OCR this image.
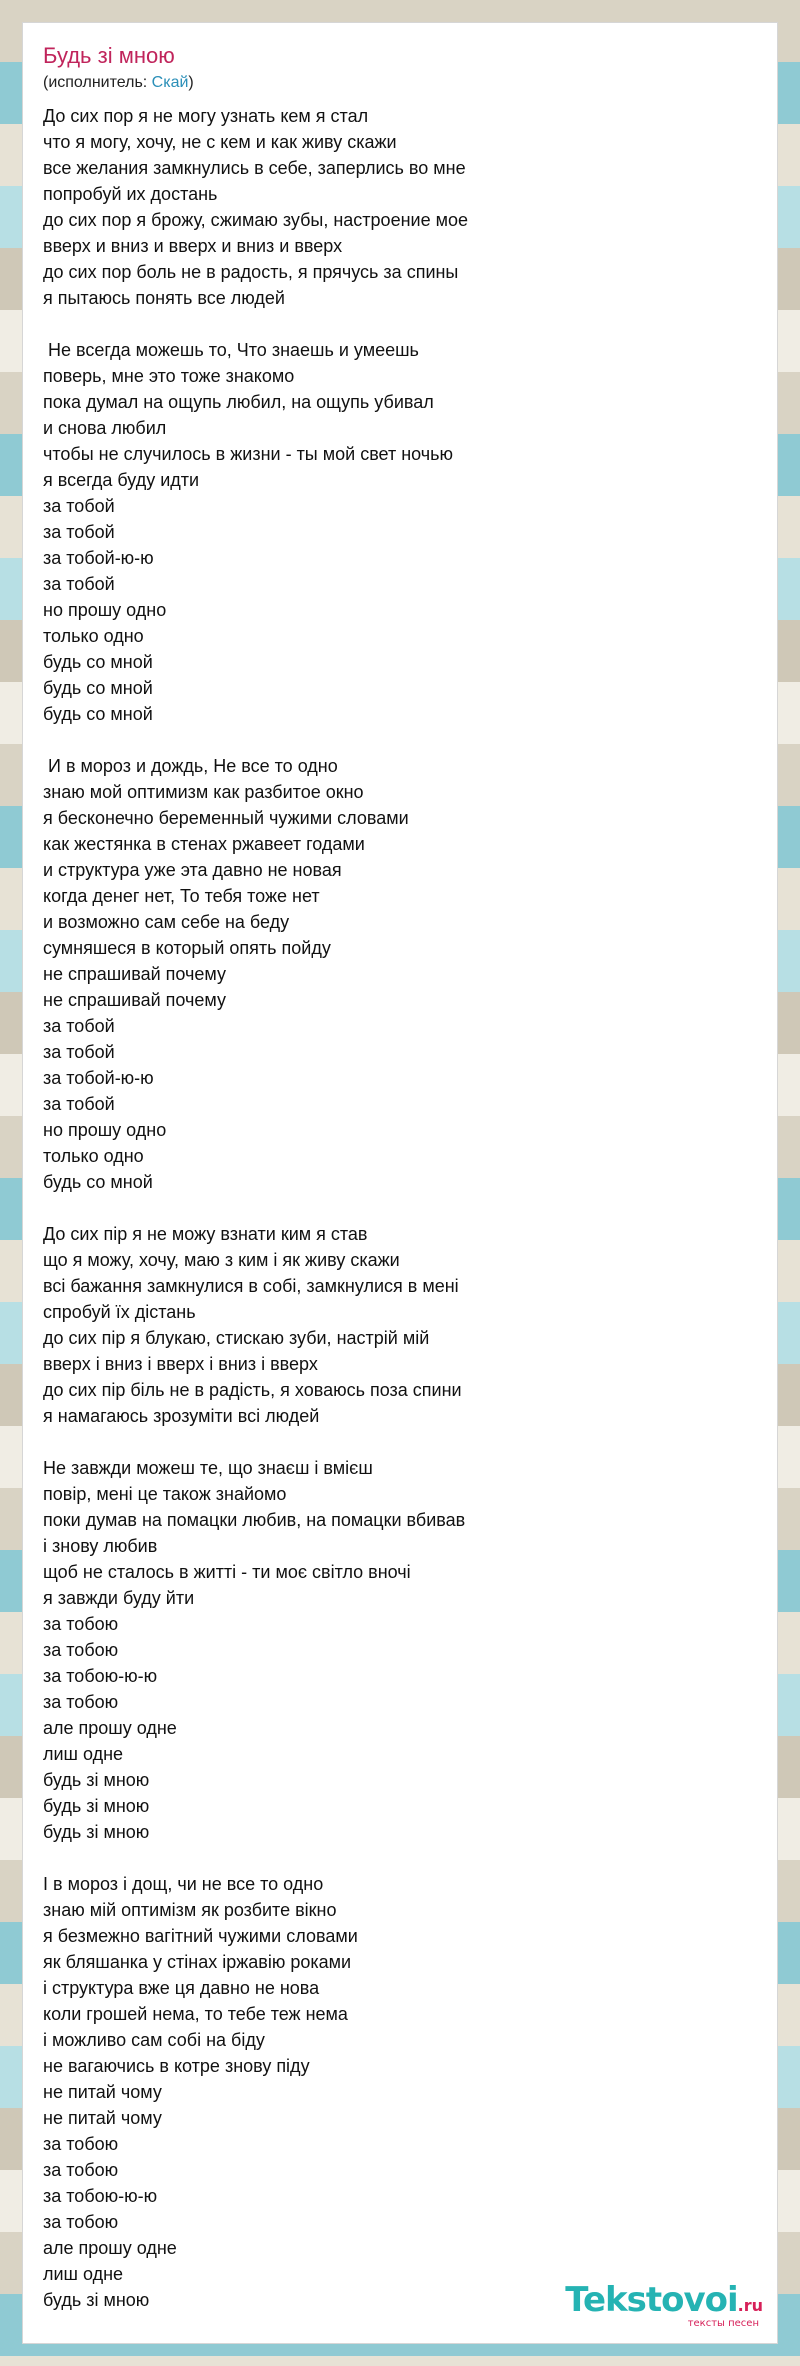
Будь зі мною
(исполнитель: Скай)
До сих пор я не могу узнать кем я стал
что я могу, хочу, не с кем и как живу скажи
все желания замкнулись в себе, заперлись во мне
попробуй их достань
до сих пор я брожу, сжимаю зубы, настроение мое
вверх и вниз и вверх и вниз и вверх
до сих пор боль не в радость, я прячусь за спины
я пытаюсь понять все людей

Не всегда можешь то, Что знаешь и умеешь
поверь, мне это тоже знакомо
пока думал на ощупь любил, на ощупь убивал
и снова любил
чтобы не случилось в жизни - ты мой свет ночью
я всегда буду идти
за тобой
за тобой
за тобой-ю-ю
за тобой
но прошу одно
только одно
будь со мной
будь со мной
будь со мной

И в мороз и дождь, Не все то одно
знаю мой оптимизм как разбитое окно
я бесконечно беременный чужими словами
как жестянка в стенах ржавеет годами
и структура уже эта давно не новая
когда денег нет, То тебя тоже нет
и возможно сам себе на беду
сумняшеся в который опять пойду
не спрашивай почему
не спрашивай почему
за тобой
за тобой
за тобой-ю-ю
за тобой
но прошу одно
только одно
будь со мной

До сих пір я не можу взнати ким я став
що я можу, хочу, маю з ким і як живу скажи
всі бажання замкнулися в собі, замкнулися в мені
спробуй їх дістань
до сих пір я блукаю, стискаю зуби, настрій мій
вверх і вниз і вверх і вниз і вверх
до сих пір біль не в радість, я ховаюсь поза спини
я намагаюсь зрозуміти всі людей

Не завжди можеш те, що знаєш і вмієш
повір, мені це також знайомо
поки думав на помацки любив, на помацки вбивав
і знову любив
щоб не сталось в житті - ти моє світло вночі
я завжди буду йти
за тобою
за тобою
за тобою-ю-ю
за тобою
але прошу одне
лиш одне
будь зі мною
будь зі мною
будь зі мною

І в мороз і дощ, чи не все то одно
знаю мій оптимізм як розбите вікно
я безмежно вагітний чужими словами
як бляшанка у стінах іржавію роками
і структура вже ця давно не нова
коли грошей нема, то тебе теж нема
і можливо сам собі на біду
не вагаючись в котре знову піду
не питай чому
не питай чому
за тобою
за тобою
за тобою-ю-ю
за тобою
але прошу одне
лиш одне
будь зі мною	Tekstovoi.ru
тексты песен
